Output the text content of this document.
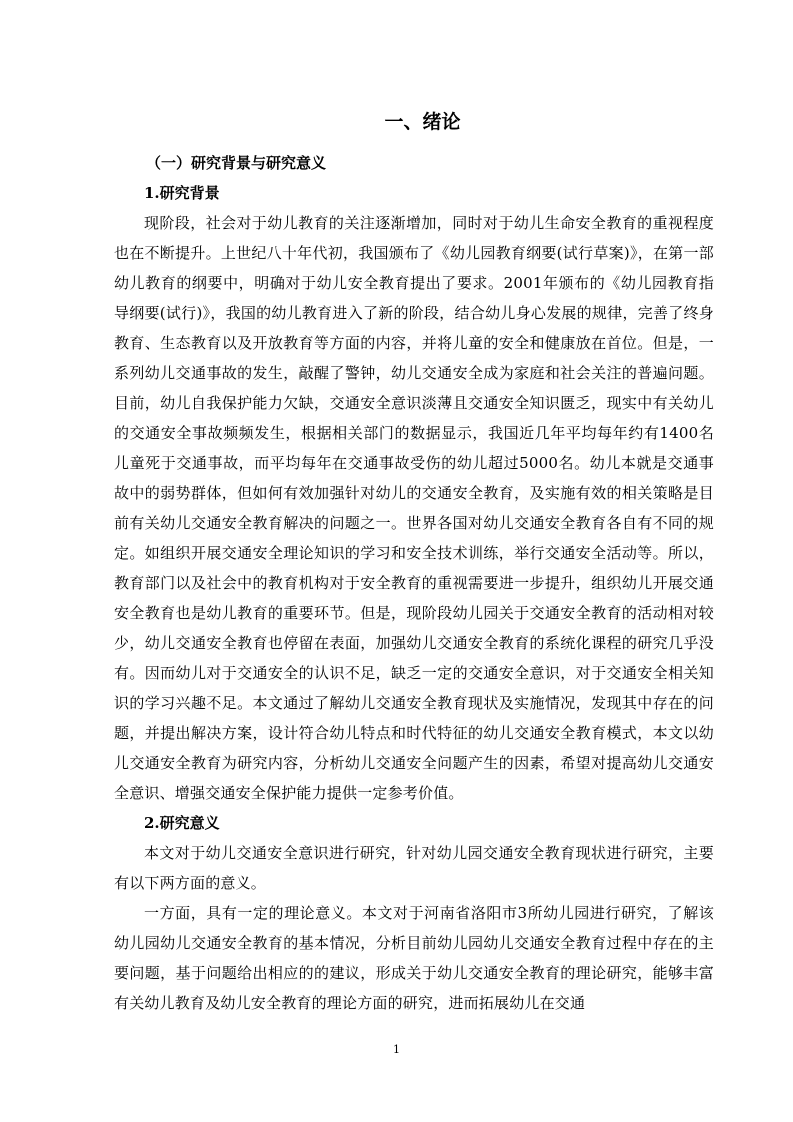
一、绪论

（一）研究背景与研究意义

1.研究背景

现阶段，社会对于幼儿教育的关注逐渐增加，同时对于幼儿生命安全教育的重视程度也在不断提升。上世纪八十年代初，我国颁布了《幼儿园教育纲要(试行草案)》，在第一部幼儿教育的纲要中，明确对于幼儿安全教育提出了要求。2001年颁布的《幼儿园教育指导纲要(试行)》，我国的幼儿教育进入了新的阶段，结合幼儿身心发展的规律，完善了终身教育、生态教育以及开放教育等方面的内容，并将儿童的安全和健康放在首位。但是，一系列幼儿交通事故的发生，敲醒了警钟，幼儿交通安全成为家庭和社会关注的普遍问题。目前，幼儿自我保护能力欠缺，交通安全意识淡薄且交通安全知识匮乏，现实中有关幼儿的交通安全事故频频发生，根据相关部门的数据显示，我国近几年平均每年约有1400名儿童死于交通事故，而平均每年在交通事故受伤的幼儿超过5000名。幼儿本就是交通事故中的弱势群体，但如何有效加强针对幼儿的交通安全教育，及实施有效的相关策略是目前有关幼儿交通安全教育解决的问题之一。世界各国对幼儿交通安全教育各自有不同的规定。如组织开展交通安全理论知识的学习和安全技术训练，举行交通安全活动等。所以，教育部门以及社会中的教育机构对于安全教育的重视需要进一步提升，组织幼儿开展交通安全教育也是幼儿教育的重要环节。但是，现阶段幼儿园关于交通安全教育的活动相对较少，幼儿交通安全教育也停留在表面，加强幼儿交通安全教育的系统化课程的研究几乎没有。因而幼儿对于交通安全的认识不足，缺乏一定的交通安全意识，对于交通安全相关知识的学习兴趣不足。本文通过了解幼儿交通安全教育现状及实施情况，发现其中存在的问题，并提出解决方案，设计符合幼儿特点和时代特征的幼儿交通安全教育模式，本文以幼儿交通安全教育为研究内容，分析幼儿交通安全问题产生的因素，希望对提高幼儿交通安全意识、增强交通安全保护能力提供一定参考价值。

2.研究意义

本文对于幼儿交通安全意识进行研究，针对幼儿园交通安全教育现状进行研究，主要有以下两方面的意义。

一方面，具有一定的理论意义。本文对于河南省洛阳市3所幼儿园进行研究，了解该幼儿园幼儿交通安全教育的基本情况，分析目前幼儿园幼儿交通安全教育过程中存在的主要问题，基于问题给出相应的的建议，形成关于幼儿交通安全教育的理论研究，能够丰富有关幼儿教育及幼儿安全教育的理论方面的研究，进而拓展幼儿在交通

1
